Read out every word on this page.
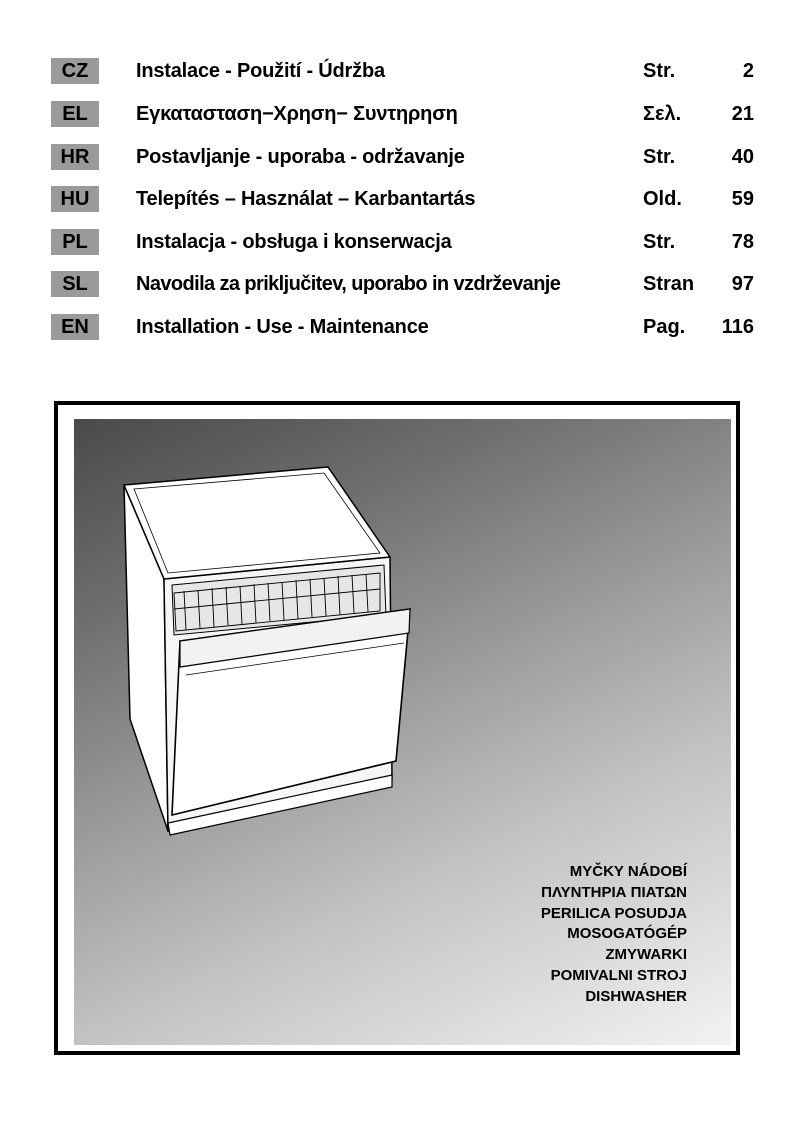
CZ	Instalace - Použití - Údržba	Str.	2
EL	Εγκατασταση−Χρηση− Συντηρηση	Σελ.	21
HR	Postavljanje - uporaba - održavanje	Str.	40
HU	Telepítés – Használat – Karbantartás	Old. 59
PL	Instalacja - obsługa i konserwacja	Str.	78
SL	Navodila za priključitev, uporabo in vzdrževanje	Stran 97
EN	Installation - Use - Maintenance	Pag. 116
MYČKY NÁDOBÍ
ΠΛΥΝΤΗΡΙΑ ΠΙΑΤΩΝ
PERILICA POSUDJA
MOSOGATÓGÉP
ZMYWARKI
POMIVALNI STROJ
DISHWASHER
